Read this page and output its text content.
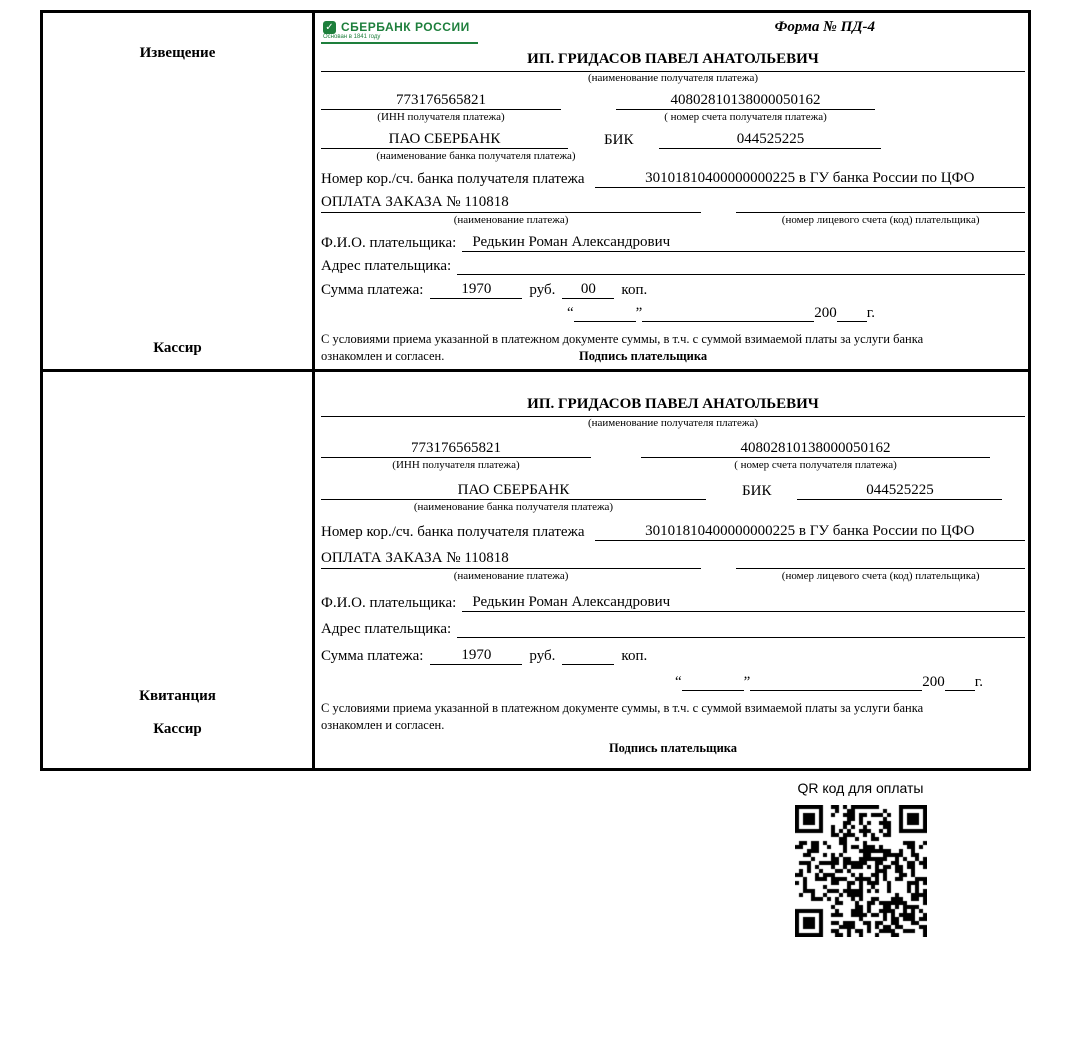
Извещение
Кассир
✓ СБЕРБАНК РОССИИ
Основан в 1841 году
Форма № ПД-4
ИП. ГРИДАСОВ ПАВЕЛ АНАТОЛЬЕВИЧ
(наименование получателя платежа)
773176565821	40802810138000050162
(ИНН получателя платежа)	( номер счета получателя платежа)
ПАО СБЕРБАНК	БИК	044525225
(наименование банка получателя платежа)
Номер кор./сч. банка получателя платежа	30101810400000000225 в ГУ банка России по ЦФО
ОПЛАТА ЗАКАЗА № 110818
(наименование платежа)	(номер лицевого счета (код) плательщика)
Ф.И.О. плательщика:	Редькин Роман Александрович
Адрес плательщика:
Сумма платежа:	1970	руб.	00	коп.
“	”	200 г.
С условиями приема указанной в платежном документе суммы, в т.ч. с суммой взимаемой платы за услуги банка ознакомлен и согласен.	Подпись плательщика
Квитанция
Кассир
ИП. ГРИДАСОВ ПАВЕЛ АНАТОЛЬЕВИЧ
(наименование получателя платежа)
773176565821	40802810138000050162
(ИНН получателя платежа)	( номер счета получателя платежа)
ПАО СБЕРБАНК	БИК	044525225
(наименование банка получателя платежа)
Номер кор./сч. банка получателя платежа	30101810400000000225 в ГУ банка России по ЦФО
ОПЛАТА ЗАКАЗА № 110818
(наименование платежа)	(номер лицевого счета (код) плательщика)
Ф.И.О. плательщика:	Редькин Роман Александрович
Адрес плательщика:
Сумма платежа:	1970	руб.	коп.
“	”	200 г.
С условиями приема указанной в платежном документе суммы, в т.ч. с суммой взимаемой платы за услуги банка ознакомлен и согласен.
Подпись плательщика
QR код для оплаты
